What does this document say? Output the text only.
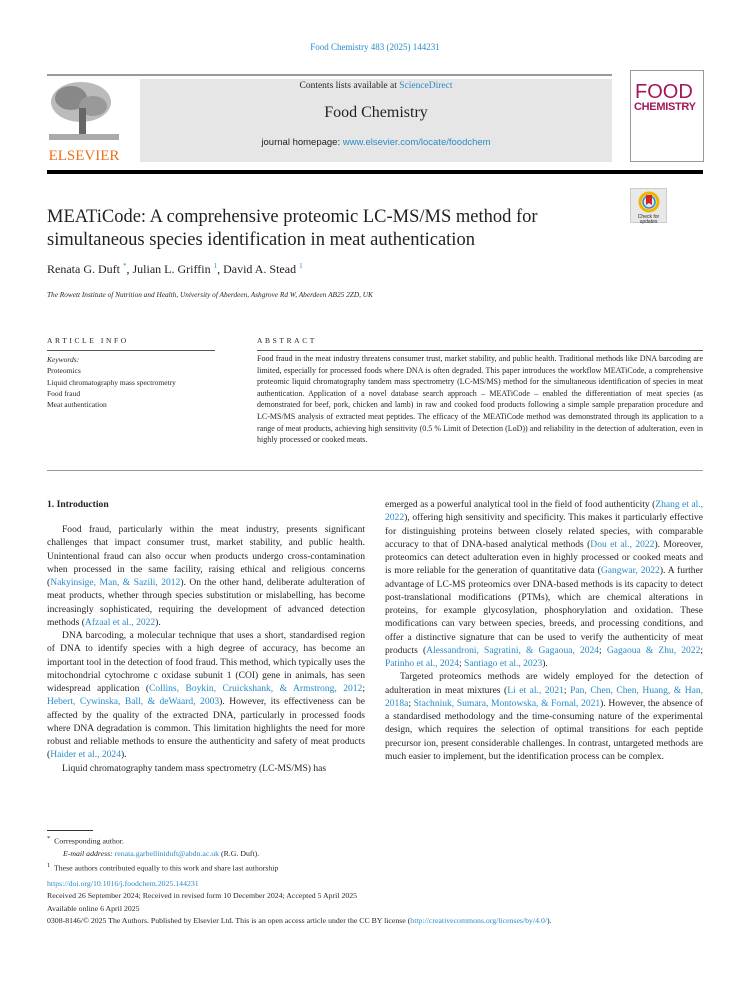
Food Chemistry 483 (2025) 144231
ELSEVIER
Contents lists available at ScienceDirect
Food Chemistry
journal homepage: www.elsevier.com/locate/foodchem
FOOD
CHEMISTRY
Check for updates
MEATiCode: A comprehensive proteomic LC-MS/MS method for simultaneous species identification in meat authentication
Renata G. Duft *, Julian L. Griffin $^1$, David A. Stead $^1$
The Rowett Institute of Nutrition and Health, University of Aberdeen, Ashgrove Rd W, Aberdeen AB25 2ZD, UK
ARTICLE INFO
Keywords:
Proteomics
Liquid chromatography mass spectrometry
Food fraud
Meat authentication
ABSTRACT
Food fraud in the meat industry threatens consumer trust, market stability, and public health. Traditional methods like DNA barcoding are limited, especially for processed foods where DNA is often degraded. This paper introduces the workflow MEATiCode, a comprehensive proteomic liquid chromatography tandem mass spectrometry (LC-MS/MS) method for the simultaneous identification of species in meat authentication. Application of a novel database search approach – MEATiCode – enabled the differentiation of meat species (as demonstrated for beef, pork, chicken and lamb) in raw and cooked food products following a simple sample preparation procedure and LC-MS/MS analysis of extracted meat peptides. The efficacy of the MEATiCode method was demonstrated through its application to a range of meat products, achieving high sensitivity (0.5 % Limit of Detection (LoD)) and reliability in the detection of adulteration, even in highly processed or cooked meats.
1. Introduction

Food fraud, particularly within the meat industry, presents significant challenges that impact consumer trust, market stability, and public health. Unintentional fraud can also occur when products undergo cross-contamination when processed in the same facility, raising ethical and religious concerns (Nakyinsige, Man, & Sazili, 2012). On the other hand, deliberate adulteration of meat products, whether through species substitution or mislabelling, has become increasingly sophisticated, requiring the development of advanced detection methods (Afzaal et al., 2022).

DNA barcoding, a molecular technique that uses a short, standardised region of DNA to identify species with a high degree of accuracy, has become an important tool in the detection of food fraud. This method, which typically uses the mitochondrial cytochrome c oxidase subunit 1 (COI) gene in animals, has seen widespread application (Collins, Boykin, Cruickshank, & Armstrong, 2012; Hebert, Cywinska, Ball, & deWaard, 2003). However, its effectiveness can be affected by the quality of the extracted DNA, particularly in processed foods where DNA degradation is common. This limitation highlights the need for more robust and reliable methods to ensure the authenticity and safety of meat products (Haider et al., 2024).

Liquid chromatography tandem mass spectrometry (LC-MS/MS) has

emerged as a powerful analytical tool in the field of food authenticity (Zhang et al., 2022), offering high sensitivity and specificity. This makes it particularly effective for distinguishing proteins between closely related species, with comparable accuracy to that of DNA-based analytical methods (Dou et al., 2022). Moreover, proteomics can detect adulteration even in highly processed or cooked meats and is more reliable for the generation of quantitative data (Gangwar, 2022). A further advantage of LC-MS proteomics over DNA-based methods is its capacity to detect post-translational modifications (PTMs), which are chemical alterations in proteins, for example glycosylation, phosphorylation and oxidation. These modifications can vary between species, breeds, and processing conditions, and offer a distinctive signature that can be used to verify the authenticity of meat products (Alessandroni, Sagratini, & Gagaoua, 2024; Gagaoua & Zhu, 2022; Patinho et al., 2024; Santiago et al., 2023).

Targeted proteomics methods are widely employed for the detection of adulteration in meat mixtures (Li et al., 2021; Pan, Chen, Chen, Huang, & Han, 2018a; Stachniuk, Sumara, Montowska, & Fornal, 2021). However, the absence of a standardised methodology and the time-consuming nature of the experimental design, which requires the selection of optimal transitions for each peptide precursor ion, present considerable challenges. In contrast, untargeted methods are much easier to implement, but the identification process can be complex.

* Corresponding author.
E-mail address: renata.garbelliniduft@abdn.ac.uk (R.G. Duft).
$^1$ These authors contributed equally to this work and share last authorship
https://doi.org/10.1016/j.foodchem.2025.144231
Received 26 September 2024; Received in revised form 10 December 2024; Accepted 5 April 2025
Available online 6 April 2025
0308-8146/© 2025 The Authors. Published by Elsevier Ltd. This is an open access article under the CC BY license (http://creativecommons.org/licenses/by/4.0/).
